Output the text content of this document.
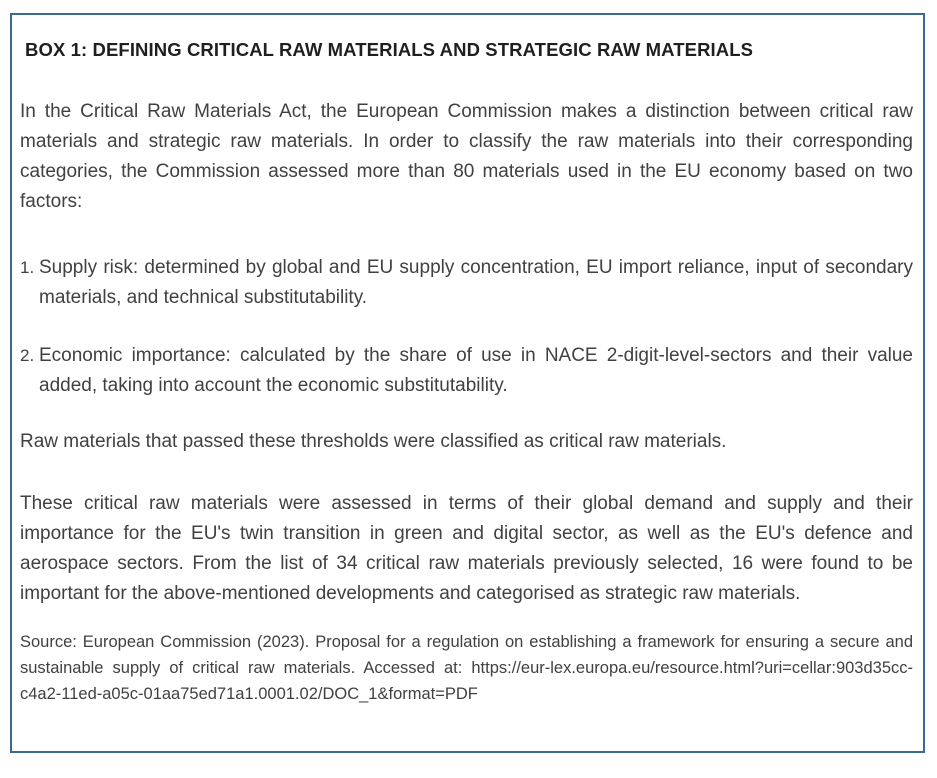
BOX 1: DEFINING CRITICAL RAW MATERIALS AND STRATEGIC RAW MATERIALS

In the Critical Raw Materials Act, the European Commission makes a distinction between critical raw materials and strategic raw materials. In order to classify the raw materials into their corresponding categories, the Commission assessed more than 80 materials used in the EU economy based on two factors:

1. Supply risk: determined by global and EU supply concentration, EU import reliance, input of secondary materials, and technical substitutability.
2. Economic importance: calculated by the share of use in NACE 2-digit-level-sectors and their value added, taking into account the economic substitutability.

Raw materials that passed these thresholds were classified as critical raw materials.

These critical raw materials were assessed in terms of their global demand and supply and their importance for the EU's twin transition in green and digital sector, as well as the EU's defence and aerospace sectors. From the list of 34 critical raw materials previously selected, 16 were found to be important for the above-mentioned developments and categorised as strategic raw materials.

Source: European Commission (2023). Proposal for a regulation on establishing a framework for ensuring a secure and sustainable supply of critical raw materials. Accessed at: https://eur-lex.europa.eu/resource.html?uri=cellar:903d35cc-c4a2-11ed-a05c-01aa75ed71a1.0001.02/DOC_1&format=PDF
